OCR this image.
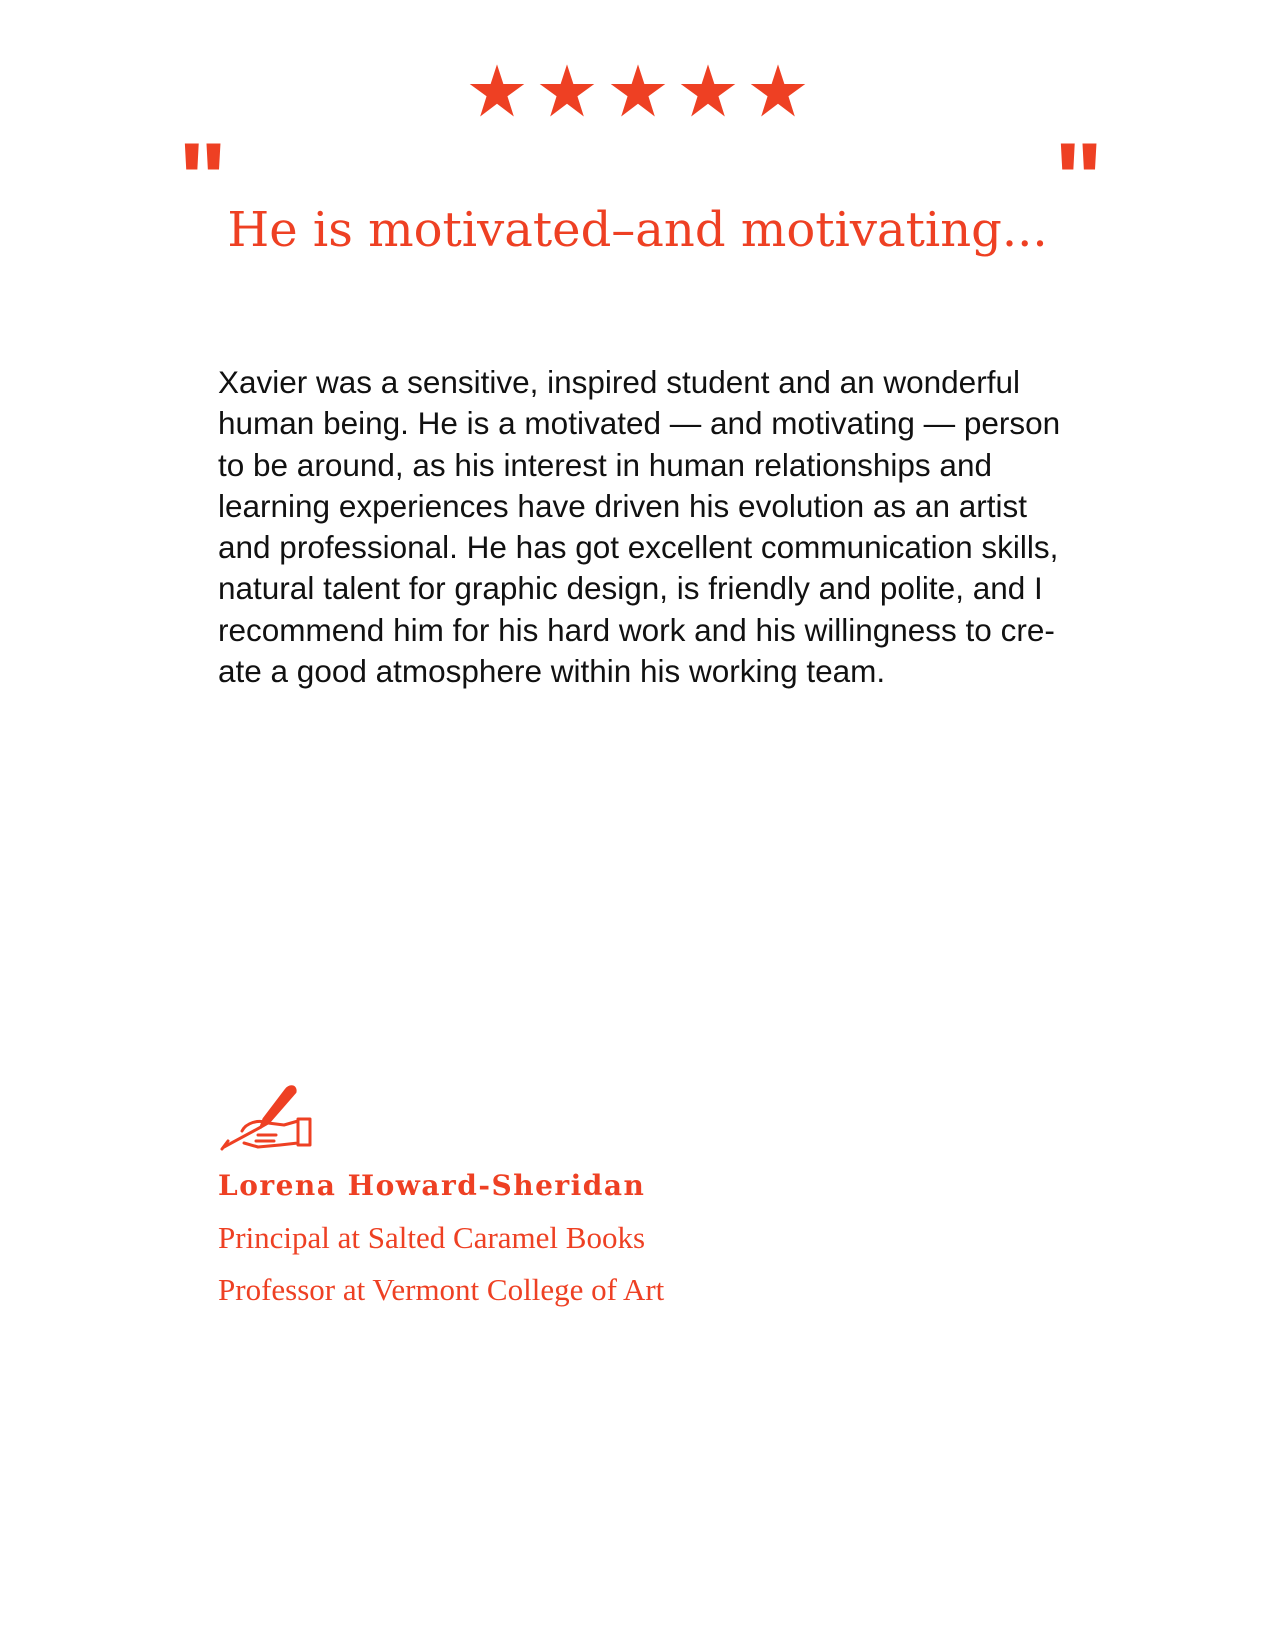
"	"
He is motivated–and motivating...
Xavier was a sensitive, inspired student and an wonderful
human being. He is a motivated — and motivating — person
to be around, as his interest in human relationships and
learning experiences have driven his evolution as an artist
and professional. He has got excellent communication skills,
natural talent for graphic design, is friendly and polite, and I
recommend him for his hard work and his willingness to cre-
ate a good atmosphere within his working team.
Lorena Howard-Sheridan
Principal at Salted Caramel Books
Professor at Vermont College of Art
